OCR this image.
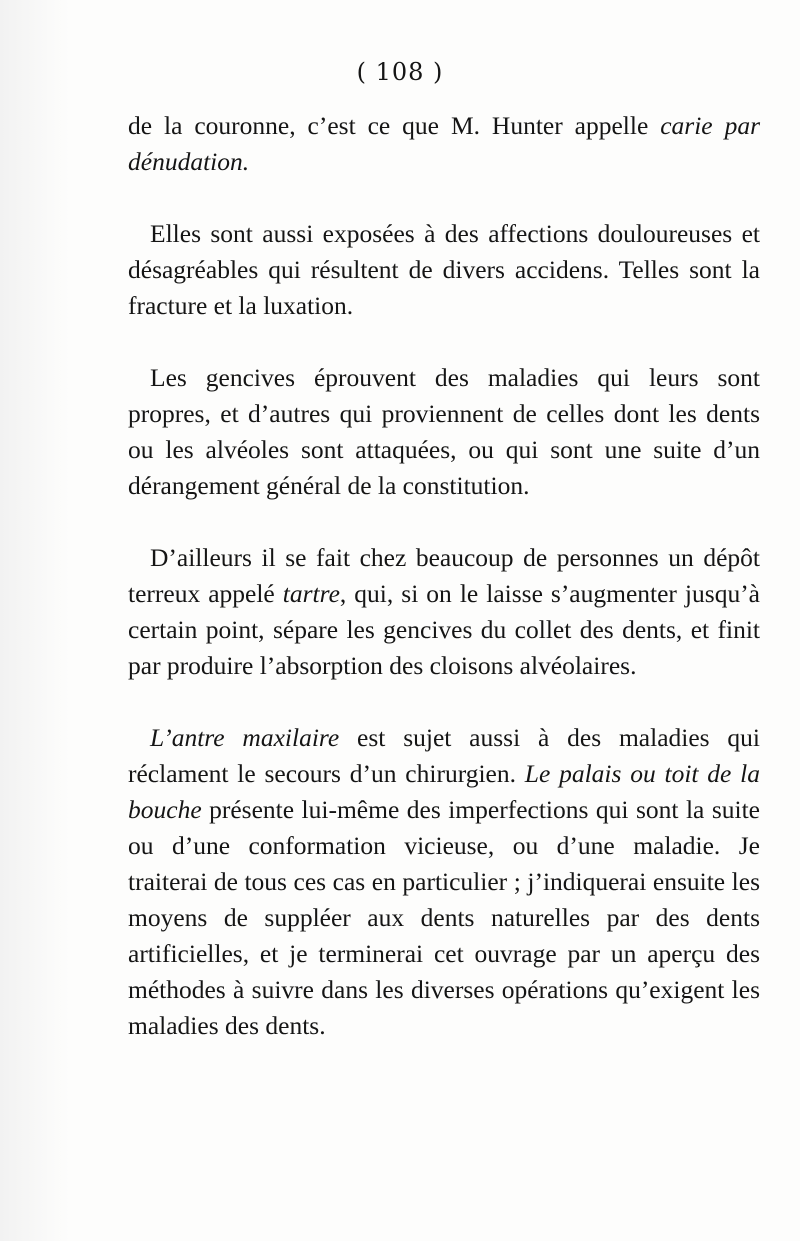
( 108 )

de la couronne, c’est ce que M. Hunter appelle carie par dénudation.

Elles sont aussi exposées à des affections douloureuses et désagréables qui résultent de divers accidens. Telles sont la fracture et la luxation.

Les gencives éprouvent des maladies qui leurs sont propres, et d’autres qui proviennent de celles dont les dents ou les alvéoles sont attaquées, ou qui sont une suite d’un dérangement général de la constitution.

D’ailleurs il se fait chez beaucoup de personnes un dépôt terreux appelé tartre, qui, si on le laisse s’augmenter jusqu’à certain point, sépare les gencives du collet des dents, et finit par produire l’absorption des cloisons alvéolaires.

L’antre maxilaire est sujet aussi à des maladies qui réclament le secours d’un chirurgien. Le palais ou toit de la bouche présente lui-même des imperfections qui sont la suite ou d’une conformation vicieuse, ou d’une maladie. Je traiterai de tous ces cas en particulier ; j’indiquerai ensuite les moyens de suppléer aux dents naturelles par des dents artificielles, et je terminerai cet ouvrage par un aperçu des méthodes à suivre dans les diverses opérations qu’exigent les maladies des dents.
